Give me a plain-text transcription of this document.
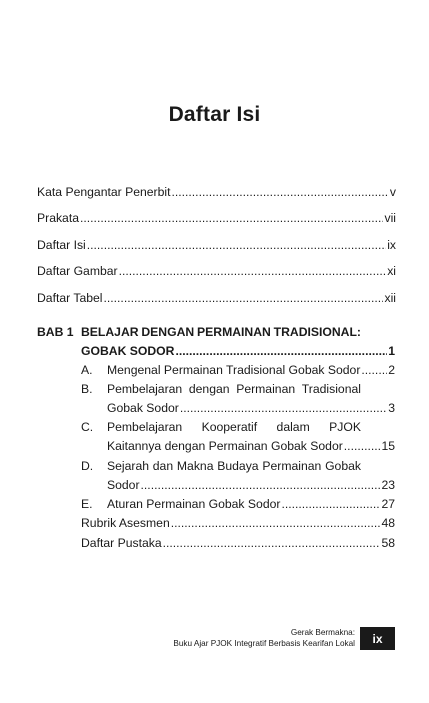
Daftar Isi
Kata Pengantar Penerbit .....	v
Prakata .....	vii
Daftar Isi .....	ix
Daftar Gambar .....	xi
Daftar Tabel .....	xii
BAB 1 BELAJAR DENGAN PERMAINAN TRADISIONAL:
GOBAK SODOR .....	1
A. Mengenal Permainan Tradisional Gobak Sodor ..... 2
B. Pembelajaran dengan Permainan Tradisional
Gobak Sodor .....	3
C. Pembelajaran Kooperatif dalam PJOK
Kaitannya dengan Permainan Gobak Sodor .....	15
D. Sejarah dan Makna Budaya Permainan Gobak
Sodor .....	23
E. Aturan Permainan Gobak Sodor .....	27
Rubrik Asesmen .....	48
Daftar Pustaka .....	58
Gerak Bermakna:
Buku Ajar PJOK Integratif Berbasis Kearifan Lokal	ix
